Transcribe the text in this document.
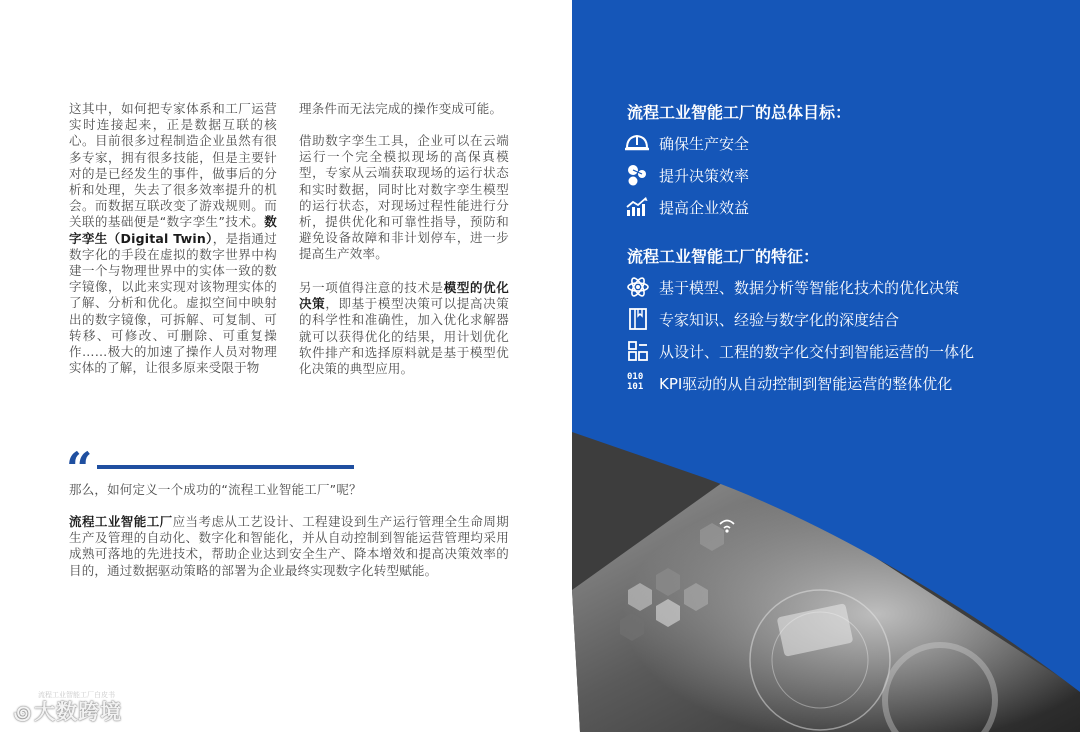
这其中，如何把专家体系和工厂运营实时连接起来，正是数据互联的核心。目前很多过程制造企业虽然有很多专家，拥有很多技能，但是主要针对的是已经发生的事件，做事后的分析和处理，失去了很多效率提升的机会。而数据互联改变了游戏规则。而关联的基础便是“数字孪生”技术。数字孪生（Digital Twin），是指通过数字化的手段在虚拟的数字世界中构建一个与物理世界中的实体一致的数字镜像，以此来实现对该物理实体的了解、分析和优化。虚拟空间中映射出的数字镜像，可拆解、可复制、可转移、可修改、可删除、可重复操作……极大的加速了操作人员对物理实体的了解，让很多原来受限于物

理条件而无法完成的操作变成可能。

借助数字孪生工具，企业可以在云端运行一个完全模拟现场的高保真模型，专家从云端获取现场的运行状态和实时数据，同时比对数字孪生模型的运行状态，对现场过程性能进行分析，提供优化和可靠性指导，预防和避免设备故障和非计划停车，进一步提高生产效率。

另一项值得注意的技术是模型的优化决策，即基于模型决策可以提高决策的科学性和准确性，加入优化求解器就可以获得优化的结果，用计划优化软件排产和选择原料就是基于模型优化决策的典型应用。

“

那么，如何定义一个成功的“流程工业智能工厂”呢？

流程工业智能工厂应当考虑从工艺设计、工程建设到生产运行管理全生命周期生产及管理的自动化、数字化和智能化，并从自动控制到智能运营管理均采用成熟可落地的先进技术，帮助企业达到安全生产、降本增效和提高决策效率的目的，通过数据驱动策略的部署为企业最终实现数字化转型赋能。

流程工业智能工厂的总体目标：
确保生产安全
提升决策效率
提高企业效益
流程工业智能工厂的特征：
基于模型、数据分析等智能化技术的优化决策
专家知识、经验与数字化的深度结合
从设计、工程的数字化交付到智能运营的一体化
010
101 KPI驱动的从自动控制到智能运营的整体优化
流程工业智能工厂白皮书
꩜大数跨境
